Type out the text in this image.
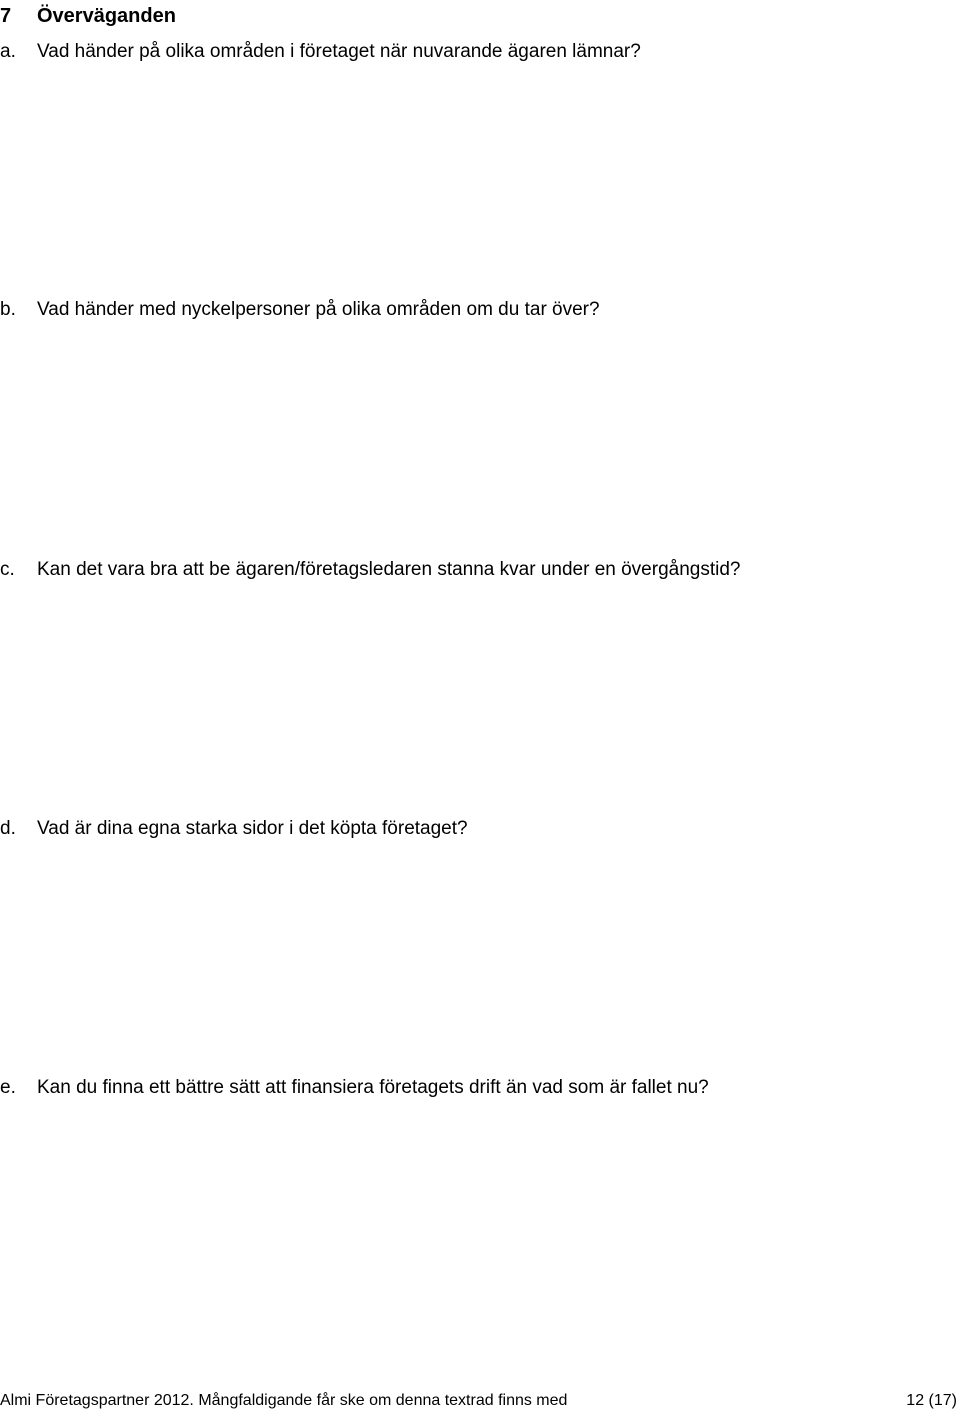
7 Överväganden
a. Vad händer på olika områden i företaget när nuvarande ägaren lämnar?
b. Vad händer med nyckelpersoner på olika områden om du tar över?
c. Kan det vara bra att be ägaren/företagsledaren stanna kvar under en övergångstid?
d. Vad är dina egna starka sidor i det köpta företaget?
e. Kan du finna ett bättre sätt att finansiera företagets drift än vad som är fallet nu?
Almi Företagspartner 2012. Mångfaldigande får ske om denna textrad finns med	12 (17)
